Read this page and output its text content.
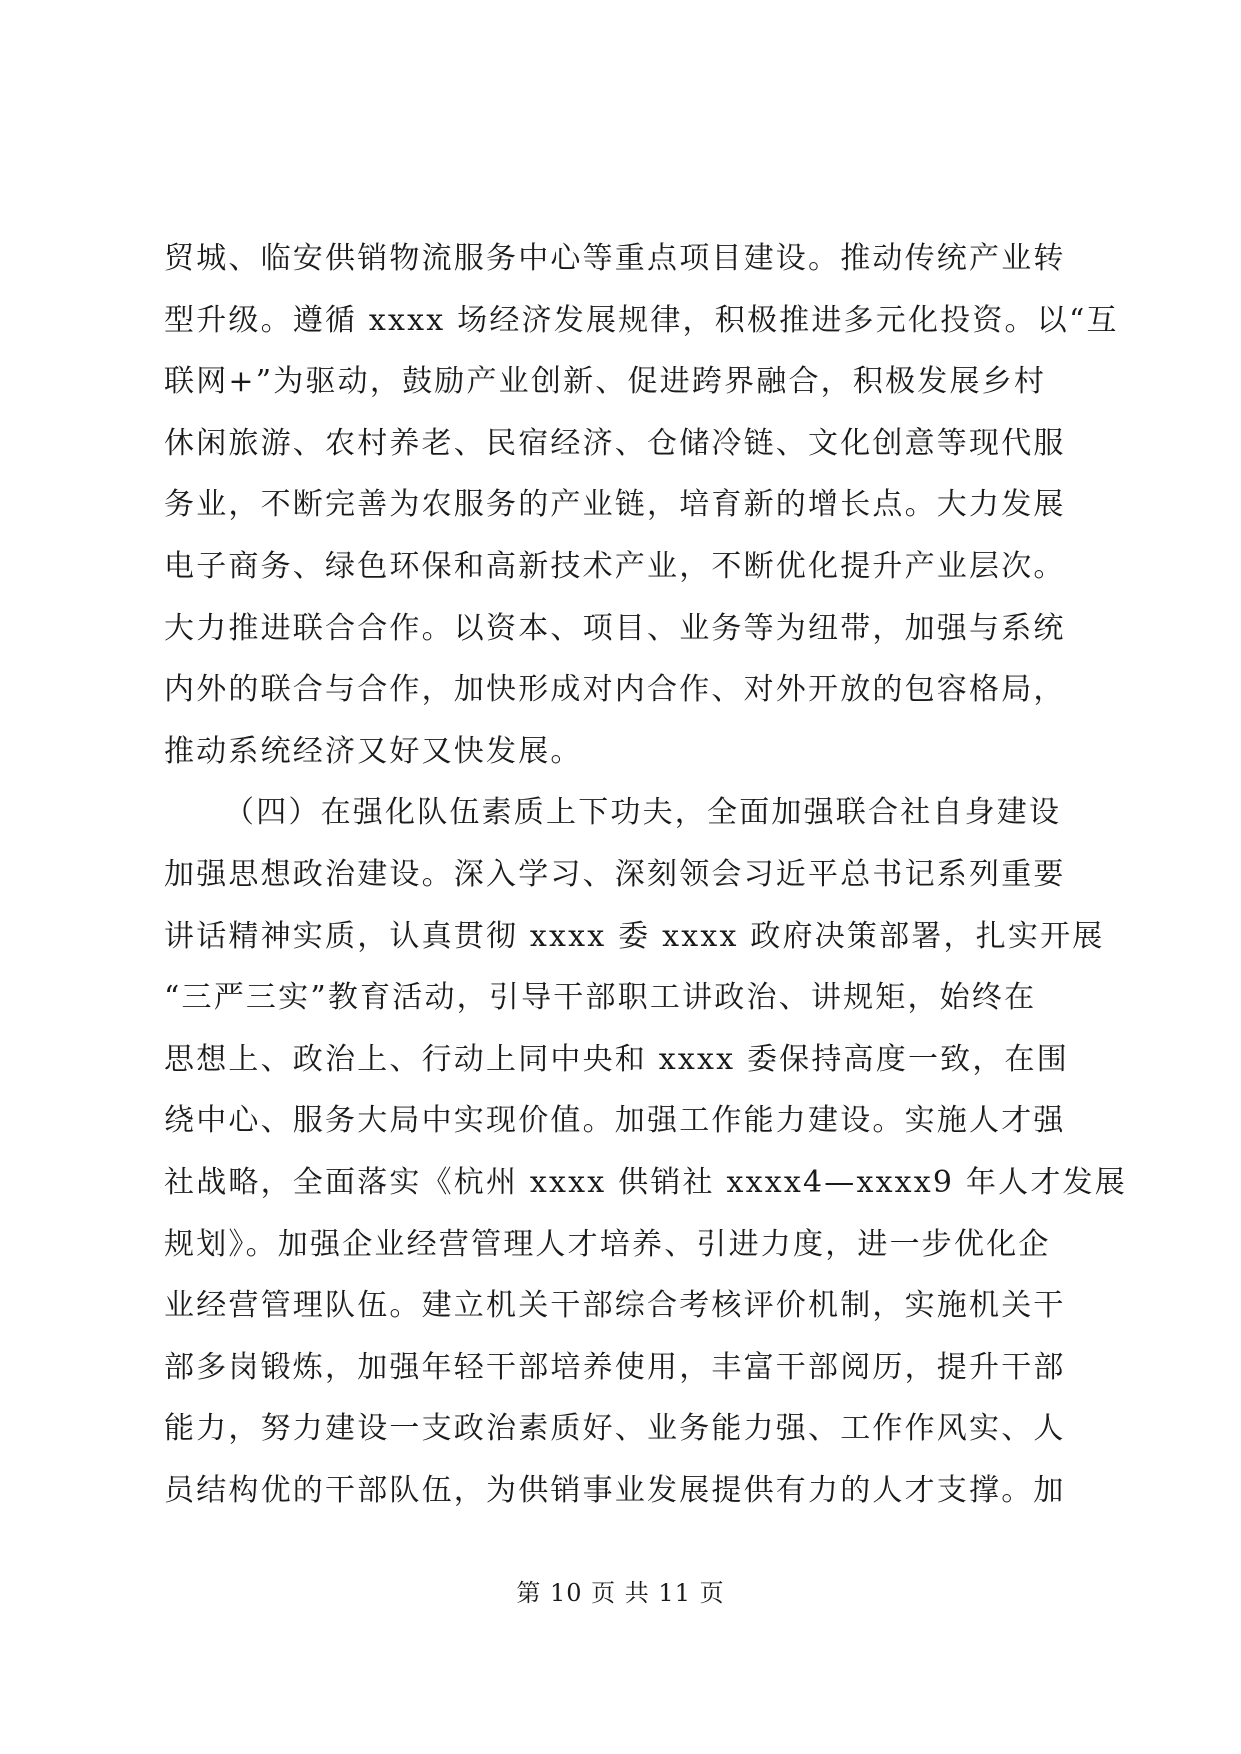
贸城、临安供销物流服务中心等重点项目建设。推动传统产业转
型升级。遵循 xxxx 场经济发展规律，积极推进多元化投资。以“互
联网+”为驱动，鼓励产业创新、促进跨界融合，积极发展乡村
休闲旅游、农村养老、民宿经济、仓储冷链、文化创意等现代服
务业，不断完善为农服务的产业链，培育新的增长点。大力发展
电子商务、绿色环保和高新技术产业，不断优化提升产业层次。
大力推进联合合作。以资本、项目、业务等为纽带，加强与系统
内外的联合与合作，加快形成对内合作、对外开放的包容格局，
推动系统经济又好又快发展。
（四）在强化队伍素质上下功夫，全面加强联合社自身建设
加强思想政治建设。深入学习、深刻领会习近平总书记系列重要
讲话精神实质，认真贯彻 xxxx 委 xxxx 政府决策部署，扎实开展
“三严三实”教育活动，引导干部职工讲政治、讲规矩，始终在
思想上、政治上、行动上同中央和 xxxx 委保持高度一致，在围
绕中心、服务大局中实现价值。加强工作能力建设。实施人才强
社战略，全面落实《杭州 xxxx 供销社 xxxx4—xxxx9 年人才发展
规划》。加强企业经营管理人才培养、引进力度，进一步优化企
业经营管理队伍。建立机关干部综合考核评价机制，实施机关干
部多岗锻炼，加强年轻干部培养使用，丰富干部阅历，提升干部
能力，努力建设一支政治素质好、业务能力强、工作作风实、人
员结构优的干部队伍，为供销事业发展提供有力的人才支撑。加
第 10 页 共 11 页
